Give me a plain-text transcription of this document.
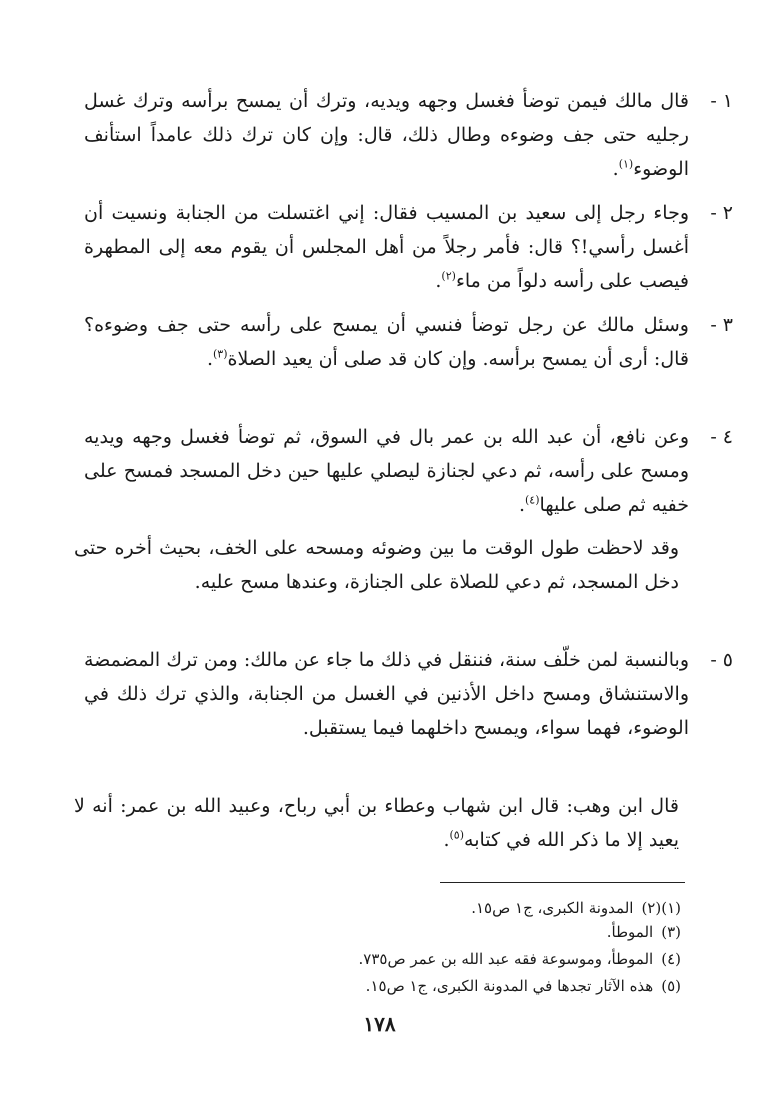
١ -
قال مالك فيمن توضأ فغسل وجهه ويديه، وترك أن يمسح برأسه وترك غسل رجليه حتى جف وضوءه وطال ذلك، قال: وإن كان ترك ذلك عامداً استأنف الوضوء$^{(١)}$.
٢ -
وجاء رجل إلى سعيد بن المسيب فقال: إني اغتسلت من الجنابة ونسيت أن أغسل رأسي!؟ قال: فأمر رجلاً من أهل المجلس أن يقوم معه إلى المطهرة فيصب على رأسه دلواً من ماء$^{(٢)}$.
٣ -
وسئل مالك عن رجل توضأ فنسي أن يمسح على رأسه حتى جف وضوءه؟ قال: أرى أن يمسح برأسه. وإن كان قد صلى أن يعيد الصلاة$^{(٣)}$.
٤ -
وعن نافع، أن عبد الله بن عمر بال في السوق، ثم توضأ فغسل وجهه ويديه ومسح على رأسه، ثم دعي لجنازة ليصلي عليها حين دخل المسجد فمسح على خفيه ثم صلى عليها$^{(٤)}$.
وقد لاحظت طول الوقت ما بين وضوئه ومسحه على الخف، بحيث أخره حتى دخل المسجد، ثم دعي للصلاة على الجنازة، وعندها مسح عليه.
٥ -
وبالنسبة لمن خلّف سنة، فننقل في ذلك ما جاء عن مالك: ومن ترك المضمضة والاستنشاق ومسح داخل الأذنين في الغسل من الجنابة، والذي ترك ذلك في الوضوء، فهما سواء، ويمسح داخلهما فيما يستقبل.
قال ابن وهب: قال ابن شهاب وعطاء بن أبي رباح، وعبيد الله بن عمر: أنه لا يعيد إلا ما ذكر الله في كتابه$^{(٥)}$.
(١)(٢)المدونة الكبرى، ج١ ص١٥.
(٣)الموطأ.
(٤)الموطأ، وموسوعة فقه عبد الله بن عمر ص٧٣٥.
(٥)هذه الآثار تجدها في المدونة الكبرى، ج١ ص١٥.
١٧٨
